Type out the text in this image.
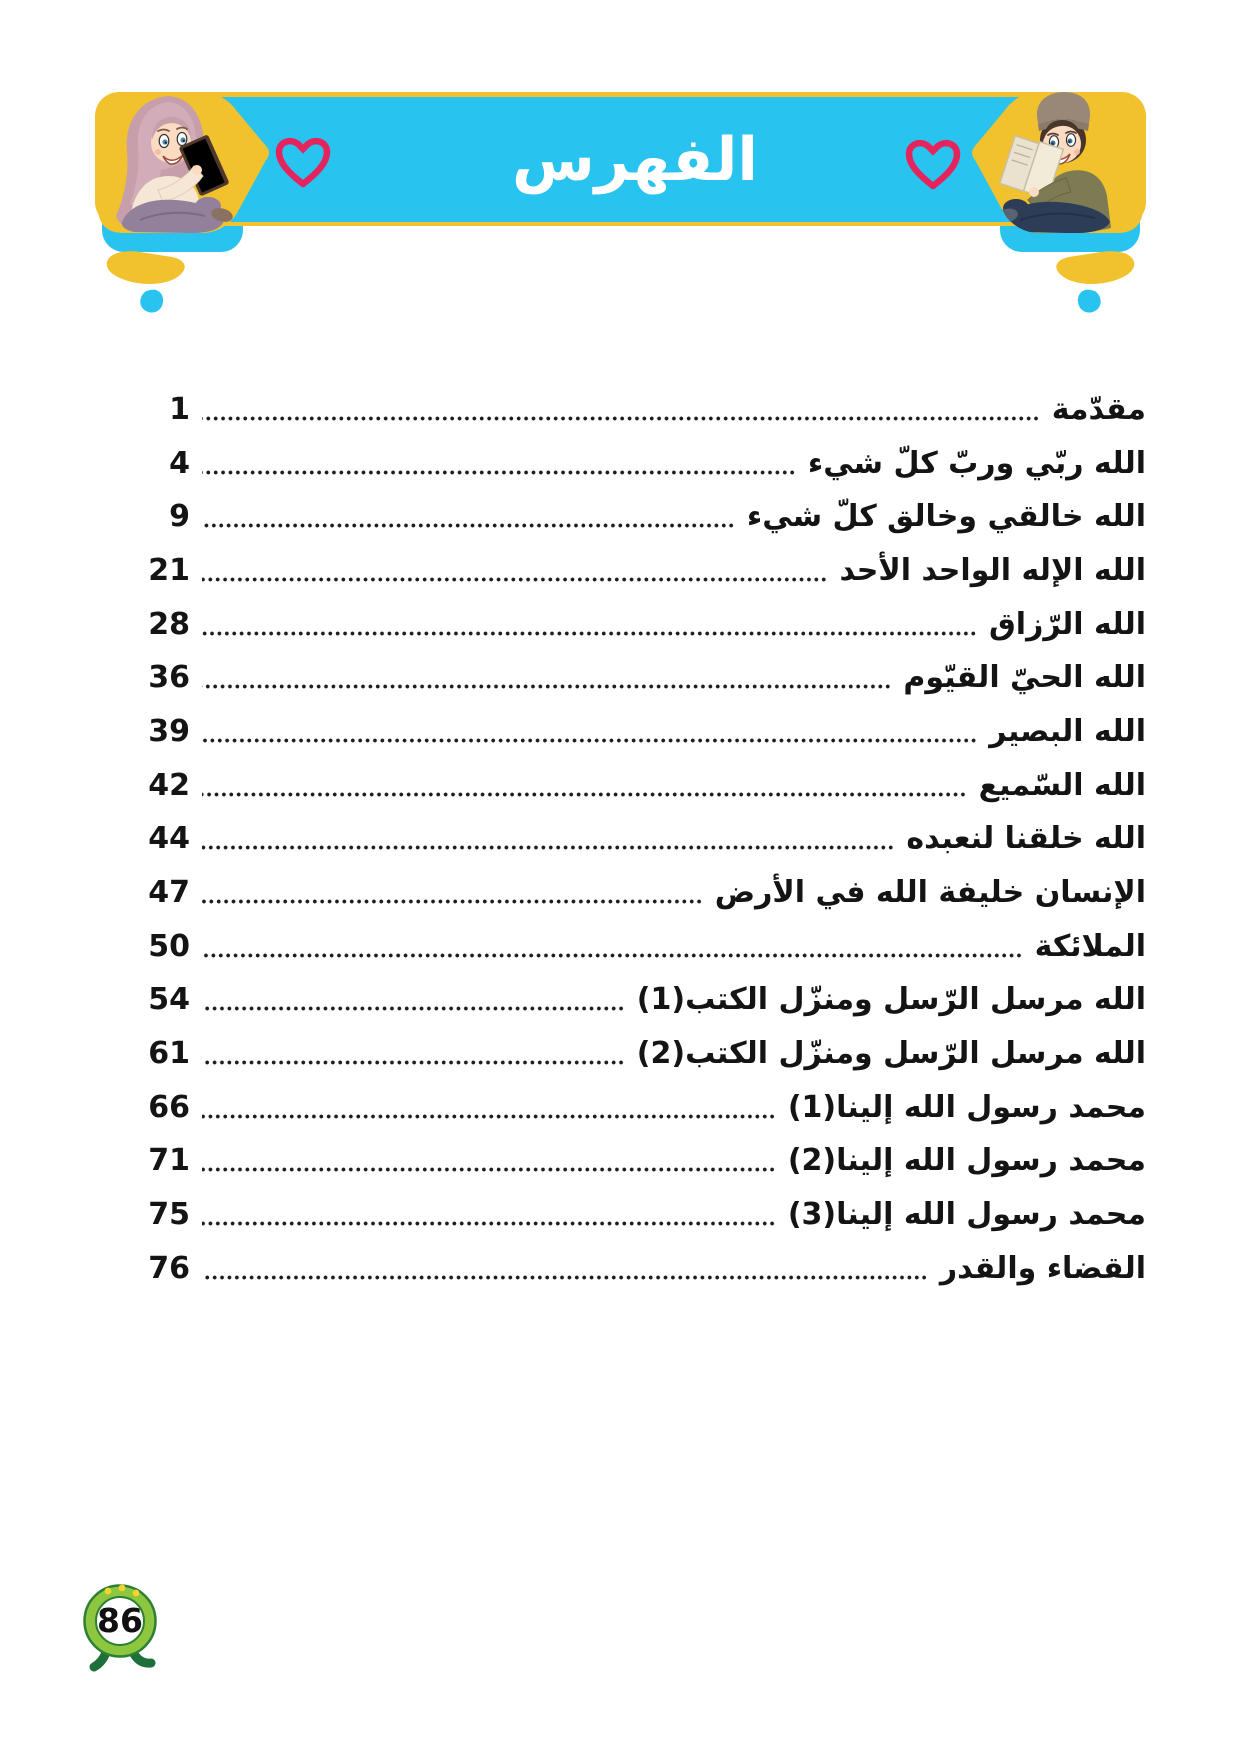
الفهرس
مقدّمة
1
الله ربّي وربّ كلّ شيء
4
الله خالقي وخالق كلّ شيء
9
الله الإله الواحد الأحد
21
الله الرّزاق
28
الله الحيّ القيّوم
36
الله البصير
39
الله السّميع
42
الله خلقنا لنعبده
44
الإنسان خليفة الله في الأرض
47
الملائكة
50
الله مرسل الرّسل ومنزّل الكتب(1)
54
الله مرسل الرّسل ومنزّل الكتب(2)
61
محمد رسول الله إلينا(1)
66
محمد رسول الله إلينا(2)
71
محمد رسول الله إلينا(3)
75
القضاء والقدر
76
86
